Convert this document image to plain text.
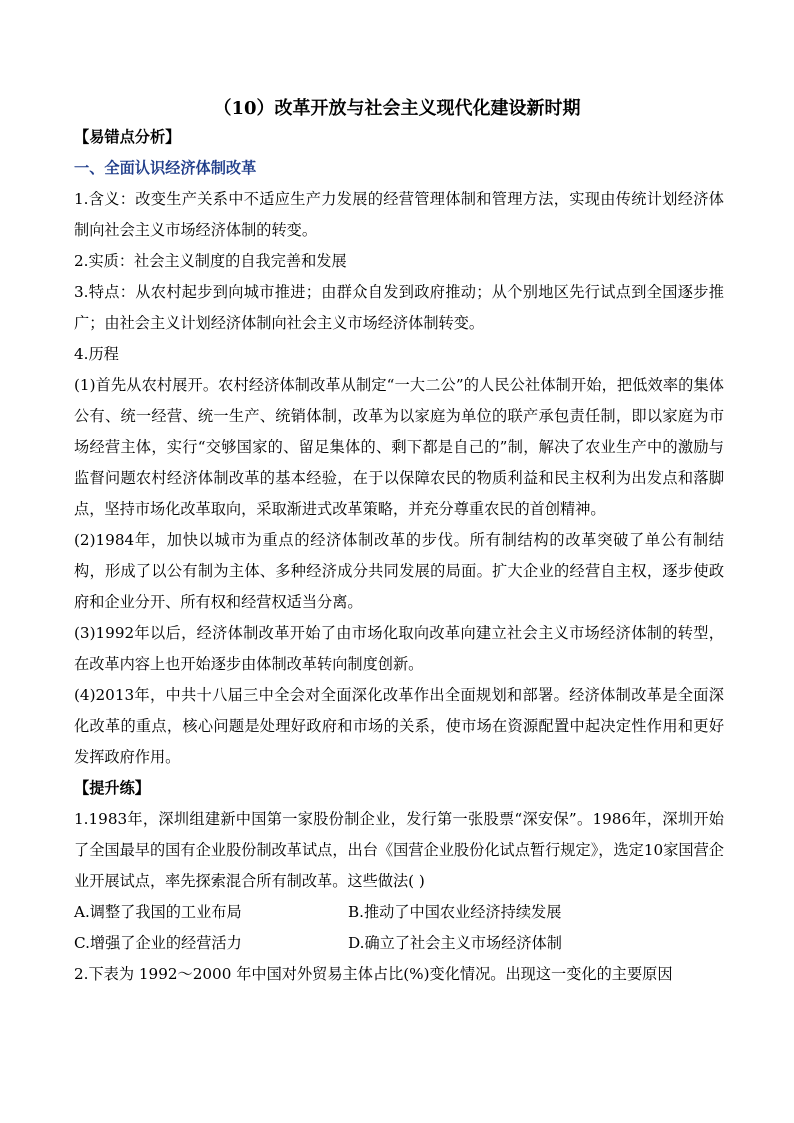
（10）改革开放与社会主义现代化建设新时期
【易错点分析】
一、全面认识经济体制改革
1.含义：改变生产关系中不适应生产力发展的经营管理体制和管理方法，实现由传统计划经济体制向社会主义市场经济体制的转变。
2.实质：社会主义制度的自我完善和发展
3.特点：从农村起步到向城市推进；由群众自发到政府推动；从个别地区先行试点到全国逐步推广；由社会主义计划经济体制向社会主义市场经济体制转变。
4.历程
(1)首先从农村展开。农村经济体制改革从制定“一大二公”的人民公社体制开始，把低效率的集体公有、统一经营、统一生产、统销体制，改革为以家庭为单位的联产承包责任制，即以家庭为市场经营主体，实行“交够国家的、留足集体的、剩下都是自己的”制，解决了农业生产中的激励与监督问题农村经济体制改革的基本经验，在于以保障农民的物质利益和民主权利为出发点和落脚点，坚持市场化改革取向，采取渐进式改革策略，并充分尊重农民的首创精神。
(2)1984年，加快以城市为重点的经济体制改革的步伐。所有制结构的改革突破了单公有制结构，形成了以公有制为主体、多种经济成分共同发展的局面。扩大企业的经营自主权，逐步使政府和企业分开、所有权和经营权适当分离。
(3)1992年以后，经济体制改革开始了由市场化取向改革向建立社会主义市场经济体制的转型，在改革内容上也开始逐步由体制改革转向制度创新。
(4)2013年，中共十八届三中全会对全面深化改革作出全面规划和部署。经济体制改革是全面深化改革的重点，核心问题是处理好政府和市场的关系，使市场在资源配置中起决定性作用和更好发挥政府作用。
【提升练】
1.1983年，深圳组建新中国第一家股份制企业，发行第一张股票“深安保”。1986年，深圳开始了全国最早的国有企业股份制改革试点，出台《国营企业股份化试点暂行规定》，选定10家国营企业开展试点，率先探索混合所有制改革。这些做法( )
A.调整了我国的工业布局	B.推动了中国农业经济持续发展
C.增强了企业的经营活力	D.确立了社会主义市场经济体制
2.下表为 1992～2000 年中国对外贸易主体占比(%)变化情况。出现这一变化的主要原因
